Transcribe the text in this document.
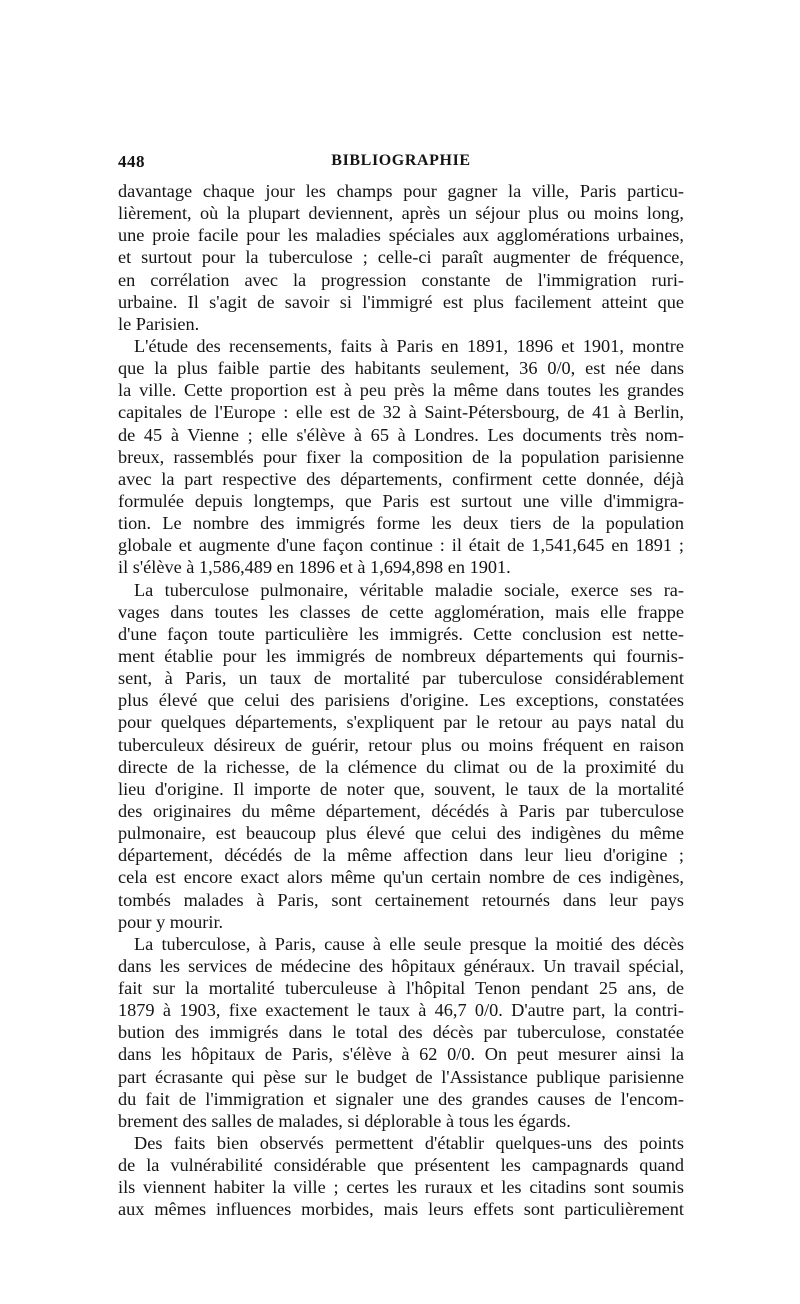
448	BIBLIOGRAPHIE
davantage chaque jour les champs pour gagner la ville, Paris particu-
lièrement, où la plupart deviennent, après un séjour plus ou moins long,
une proie facile pour les maladies spéciales aux agglomérations urbaines,
et surtout pour la tuberculose ; celle-ci paraît augmenter de fréquence,
en corrélation avec la progression constante de l'immigration ruri-
urbaine. Il s'agit de savoir si l'immigré est plus facilement atteint que
le Parisien.
L'étude des recensements, faits à Paris en 1891, 1896 et 1901, montre
que la plus faible partie des habitants seulement, 36 0/0, est née dans
la ville. Cette proportion est à peu près la même dans toutes les grandes
capitales de l'Europe : elle est de 32 à Saint-Pétersbourg, de 41 à Berlin,
de 45 à Vienne ; elle s'élève à 65 à Londres. Les documents très nom-
breux, rassemblés pour fixer la composition de la population parisienne
avec la part respective des départements, confirment cette donnée, déjà
formulée depuis longtemps, que Paris est surtout une ville d'immigra-
tion. Le nombre des immigrés forme les deux tiers de la population
globale et augmente d'une façon continue : il était de 1,541,645 en 1891 ;
il s'élève à 1,586,489 en 1896 et à 1,694,898 en 1901.
La tuberculose pulmonaire, véritable maladie sociale, exerce ses ra-
vages dans toutes les classes de cette agglomération, mais elle frappe
d'une façon toute particulière les immigrés. Cette conclusion est nette-
ment établie pour les immigrés de nombreux départements qui fournis-
sent, à Paris, un taux de mortalité par tuberculose considérablement
plus élevé que celui des parisiens d'origine. Les exceptions, constatées
pour quelques départements, s'expliquent par le retour au pays natal du
tuberculeux désireux de guérir, retour plus ou moins fréquent en raison
directe de la richesse, de la clémence du climat ou de la proximité du
lieu d'origine. Il importe de noter que, souvent, le taux de la mortalité
des originaires du même département, décédés à Paris par tuberculose
pulmonaire, est beaucoup plus élevé que celui des indigènes du même
département, décédés de la même affection dans leur lieu d'origine ;
cela est encore exact alors même qu'un certain nombre de ces indigènes,
tombés malades à Paris, sont certainement retournés dans leur pays
pour y mourir.
La tuberculose, à Paris, cause à elle seule presque la moitié des décès
dans les services de médecine des hôpitaux généraux. Un travail spécial,
fait sur la mortalité tuberculeuse à l'hôpital Tenon pendant 25 ans, de
1879 à 1903, fixe exactement le taux à 46,7 0/0. D'autre part, la contri-
bution des immigrés dans le total des décès par tuberculose, constatée
dans les hôpitaux de Paris, s'élève à 62 0/0. On peut mesurer ainsi la
part écrasante qui pèse sur le budget de l'Assistance publique parisienne
du fait de l'immigration et signaler une des grandes causes de l'encom-
brement des salles de malades, si déplorable à tous les égards.
Des faits bien observés permettent d'établir quelques-uns des points
de la vulnérabilité considérable que présentent les campagnards quand
ils viennent habiter la ville ; certes les ruraux et les citadins sont soumis
aux mêmes influences morbides, mais leurs effets sont particulièrement
